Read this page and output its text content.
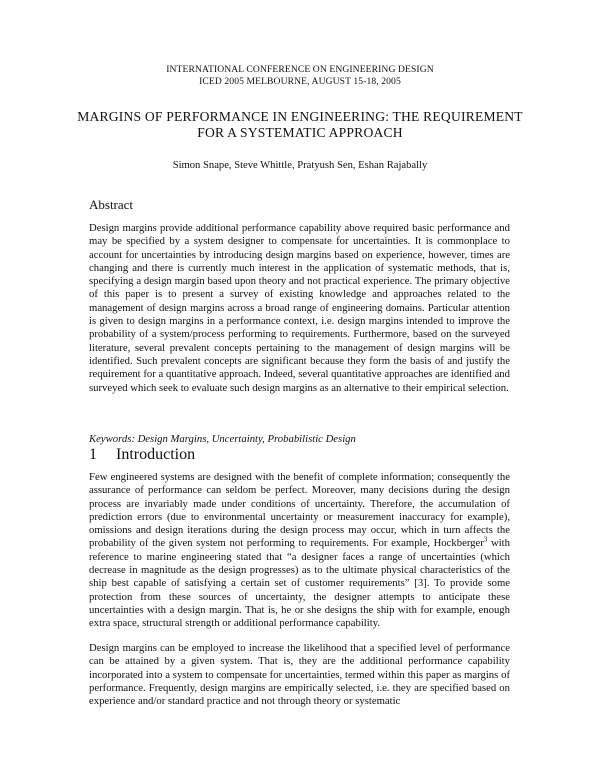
INTERNATIONAL CONFERENCE ON ENGINEERING DESIGN
ICED 2005 MELBOURNE, AUGUST 15-18, 2005
MARGINS OF PERFORMANCE IN ENGINEERING: THE REQUIREMENT
FOR A SYSTEMATIC APPROACH
Simon Snape, Steve Whittle, Pratyush Sen, Eshan Rajabally
Abstract

Design margins provide additional performance capability above required basic performance and may be specified by a system designer to compensate for uncertainties. It is commonplace to account for uncertainties by introducing design margins based on experience, however, times are changing and there is currently much interest in the application of systematic methods, that is, specifying a design margin based upon theory and not practical experience. The primary objective of this paper is to present a survey of existing knowledge and approaches related to the management of design margins across a broad range of engineering domains. Particular attention is given to design margins in a performance context, i.e. design margins intended to improve the probability of a system/process performing to requirements. Furthermore, based on the surveyed literature, several prevalent concepts pertaining to the management of design margins will be identified. Such prevalent concepts are significant because they form the basis of and justify the requirement for a quantitative approach. Indeed, several quantitative approaches are identified and surveyed which seek to evaluate such design margins as an alternative to their empirical selection.

Keywords: Design Margins, Uncertainty, Probabilistic Design
1 Introduction

Few engineered systems are designed with the benefit of complete information; consequently the assurance of performance can seldom be perfect. Moreover, many decisions during the design process are invariably made under conditions of uncertainty. Therefore, the accumulation of prediction errors (due to environmental uncertainty or measurement inaccuracy for example), omissions and design iterations during the design process may occur, which in turn affects the probability of the given system not performing to requirements. For example, Hockberger$^3$ with reference to marine engineering stated that “a designer faces a range of uncertainties (which decrease in magnitude as the design progresses) as to the ultimate physical characteristics of the ship best capable of satisfying a certain set of customer requirements” [3]. To provide some protection from these sources of uncertainty, the designer attempts to anticipate these uncertainties with a design margin. That is, he or she designs the ship with for example, enough extra space, structural strength or additional performance capability.

Design margins can be employed to increase the likelihood that a specified level of performance can be attained by a given system. That is, they are the additional performance capability incorporated into a system to compensate for uncertainties, termed within this paper as margins of performance. Frequently, design margins are empirically selected, i.e. they are specified based on experience and/or standard practice and not through theory or systematic
